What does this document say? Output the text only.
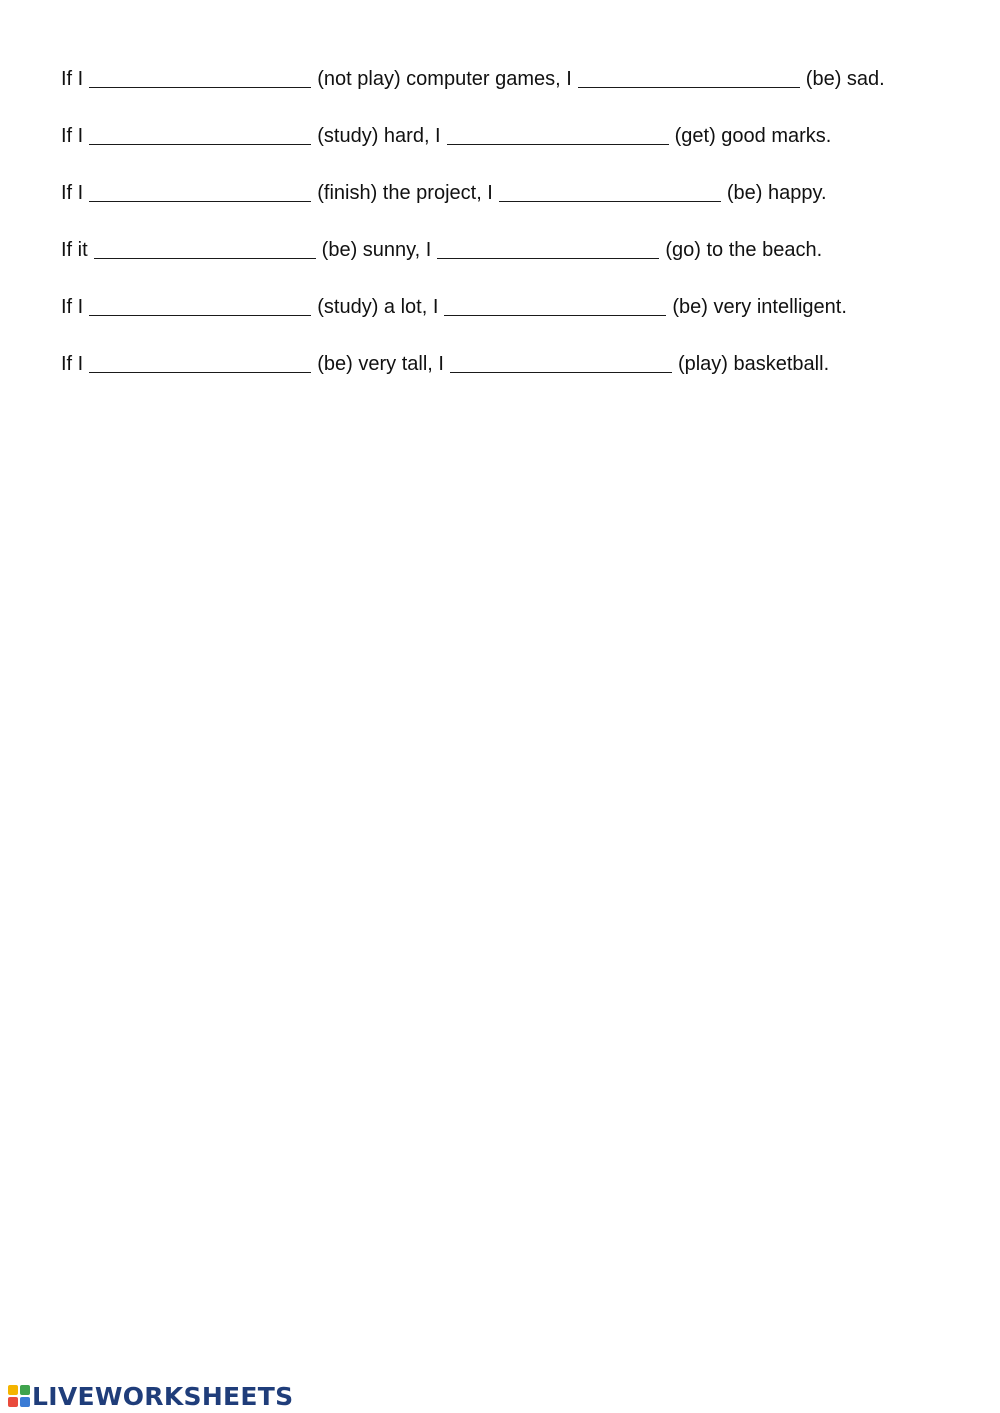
If I	(not play) computer games, I	(be) sad.
If I	(study) hard, I	(get) good marks.
If I	(finish) the project, I	(be) happy.
If it	(be) sunny, I	(go) to the beach.
If I	(study) a lot, I	(be) very intelligent.
If I	(be) very tall, I	(play) basketball.
LIVEWORKSHEETS
